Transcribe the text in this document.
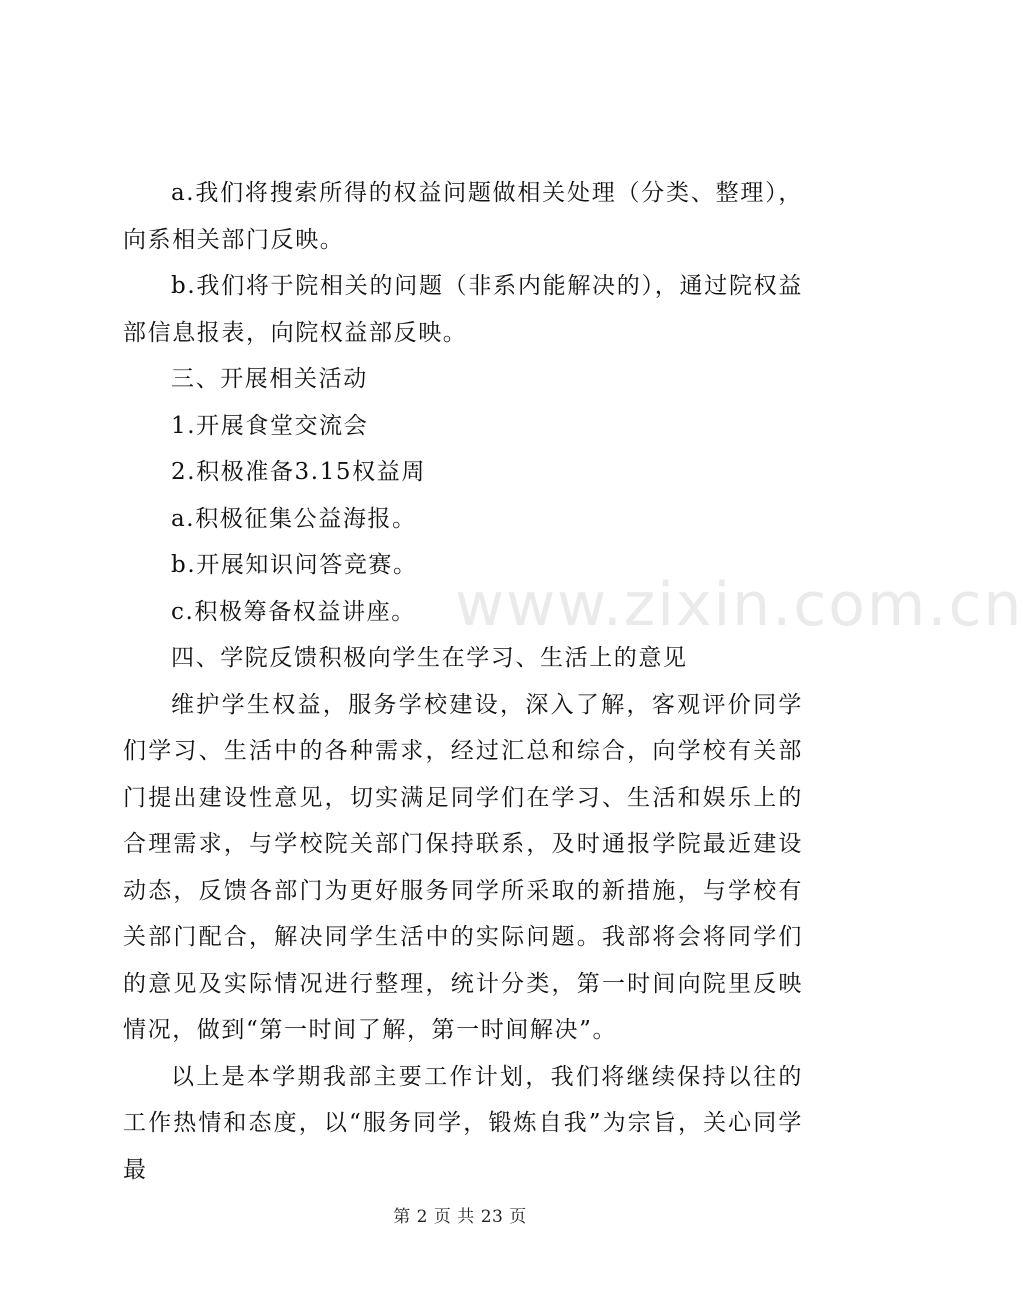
www.zixin.com.cn

a.我们将搜索所得的权益问题做相关处理（分类、整理），向系相关部门反映。

b.我们将于院相关的问题（非系内能解决的），通过院权益部信息报表，向院权益部反映。

三、开展相关活动

1.开展食堂交流会

2.积极准备3.15权益周

a.积极征集公益海报。

b.开展知识问答竞赛。

c.积极筹备权益讲座。

四、学院反馈积极向学生在学习、生活上的意见

维护学生权益，服务学校建设，深入了解，客观评价同学们学习、生活中的各种需求，经过汇总和综合，向学校有关部门提出建设性意见，切实满足同学们在学习、生活和娱乐上的合理需求，与学校院关部门保持联系，及时通报学院最近建设动态，反馈各部门为更好服务同学所采取的新措施，与学校有关部门配合，解决同学生活中的实际问题。我部将会将同学们的意见及实际情况进行整理，统计分类，第一时间向院里反映情况，做到“第一时间了解，第一时间解决”。

以上是本学期我部主要工作计划，我们将继续保持以往的工作热情和态度，以“服务同学，锻炼自我”为宗旨，关心同学最

第 2 页 共 23 页
